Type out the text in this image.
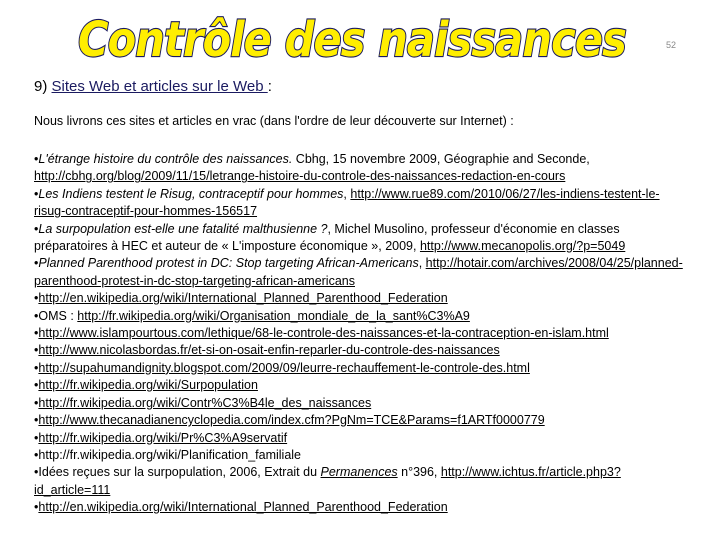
Contrôle des naissances	52
9) Sites Web et articles sur le Web :
Nous livrons ces sites et articles en vrac (dans l'ordre de leur découverte sur Internet) :
•L'étrange histoire du contrôle des naissances. Cbhg, 15 novembre 2009, Géographie and Seconde, http://cbhg.org/blog/2009/11/15/letrange-histoire-du-controle-des-naissances-redaction-en-cours
•Les Indiens testent le Risug, contraceptif pour hommes, http://www.rue89.com/2010/06/27/les-indiens-testent-le-risug-contraceptif-pour-hommes-156517
•La surpopulation est-elle une fatalité malthusienne ?, Michel Musolino, professeur d'économie en classes préparatoires à HEC et auteur de « L'imposture économique », 2009, http://www.mecanopolis.org/?p=5049
•Planned Parenthood protest in DC: Stop targeting African-Americans, http://hotair.com/archives/2008/04/25/planned-parenthood-protest-in-dc-stop-targeting-african-americans
•http://en.wikipedia.org/wiki/International_Planned_Parenthood_Federation
•OMS : http://fr.wikipedia.org/wiki/Organisation_mondiale_de_la_sant%C3%A9
•http://www.islampourtous.com/lethique/68-le-controle-des-naissances-et-la-contraception-en-islam.html
•http://www.nicolasbordas.fr/et-si-on-osait-enfin-reparler-du-controle-des-naissances
•http://supahumandignity.blogspot.com/2009/09/leurre-rechauffement-le-controle-des.html
•http://fr.wikipedia.org/wiki/Surpopulation
•http://fr.wikipedia.org/wiki/Contr%C3%B4le_des_naissances
•http://www.thecanadianencyclopedia.com/index.cfm?PgNm=TCE&Params=f1ARTf0000779
•http://fr.wikipedia.org/wiki/Pr%C3%A9servatif
•http://fr.wikipedia.org/wiki/Planification_familiale
•Idées reçues sur la surpopulation, 2006, Extrait du Permanences n°396, http://www.ichtus.fr/article.php3?id_article=111
•http://en.wikipedia.org/wiki/International_Planned_Parenthood_Federation
